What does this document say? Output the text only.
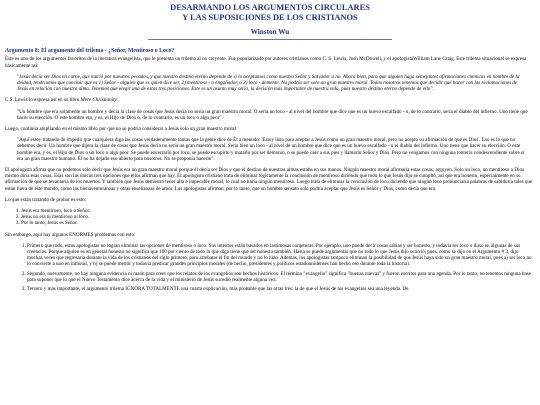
DESARMANDO LOS ARGUMENTOS CIRCULARES
Y LAS SUPOSICIONES DE LOS CRISTIANOS
Winston Wu
Argumento 8: El argumento del trilema - ¿Señor, Mentiroso o Loco?

Éste es uno de los argumentos favoritos de la literatura evangelista, que le presenta un trilema al no creyente. Fue popularizado por autores cristianos como C. S. Lewis, Josh McDowell, y el apologistaWilliam Lane Craig. Este trilema situacional se expresa básicamente así:

"Jesús decía ser Dios en carne, que murió por nuestros pecados, y que nuestro destino eterno depende de si lo aceptamos como nuestro Señor y Salvador o no. Ahora bien, para que alguien haga semejantes afirmaciones címnicas en nombre de la deidad, tendríamos que concluir que es 1) Señor - alguien que es quien dice ser, 2) mentiroso - o engañador, o 3) loco - demente. No podría ser solo un gran maestro moral. Todos nosotros tenemos que decidir qué hacer con las reclamaciones de Jesús en relación con nuestra alma. Tenemos que elegir una de estas tres posiciones. Este es un asunto muy serio, la decisión más importante de nuestra vida, pues nuestro destino eterno depende de ello".

C.S. Lewis lo expresa así en su libro Mere Christianity:

"Un hombre que era solamente un hombre y decía la clase de cosas que Jesús decía no sería un gran maestro moral. O sería un loco - al nivel del hombre que dice que es un huevo escalfado - o, de lo contrario, sería el diablo del infierno. Uno tiene que hacer su elección. O este hombre era, y es, el Hijo de Dios o, de lo contrario, es un loco o algo peor".

Luego, continúa ampliando en el mismo libro por qué no se podría considerar a Jesús solo un gran maestro moral.

"Aquí estoy tratando de impedir que cualquiera diga las cosas verdaderamente tontas que la gente dice de Él a menudo: 'Estoy listo para aceptar a Jesús como un gran maestro moral, pero no acepto su afirmación de que es Dios'. Eso es lo que no debemos decir. Un hombre que dijera la clase de cosas que Jesús decía no sería un gran maestro moral. Sería bien un loco - al nivel de un hombre que dice que es un huevo escalfado - o el diablo del infierno. Uno tiene que hacer su elección. O este hombre era, y es, el Hijo de Dios o un loco o algo peor. Se puede encerrarlo por loco, se puede escupirlo y matarlo por ser demonio, o se puede caer a sus pies y llamarlo Señor y Dios. Pero no vengamos con ninguna tontería condescendiente sobre si era un gran maestro humano. Él no ha dejado eso abierto para nosotros. No se proponía hacerlo".

El apologista afirma que no podemos solo decir que Jesús era un gran maestro moral porque él decía ser Dios y que el destino de nuestras almas estaba en sus manos. Ningún maestro moral afirmaría estas cosas, arguyen. Solo un loco, un mentiroso o Dios mismo diría esas cosas. Esas son las únicas tres opciones que ellos afirman que hay. El apologista cristiano trata de eliminar lógicamente la conclusión de mentiroso diciendo que todo lo que Jesús dijo se cumplió, así que era honesto, especialmente en su afirmación de que se levantaría de los muertos. Y también que Jesús demostró tener alta e impecable moral, lo cual no haría ningún mentiroso. Luego trata de eliminar la conclusión de loco diciendo que ningún loco pronunciaría palabras de sabiduría tales que están fuera de este mundo, como las bienaventuranzas y otras enseñanzas de amor. Los apologistas afirman, por lo tanto, que un hombre sensato solo podría aceptar que Jesús es Señor y Dios, como decía que era.

Lo que están tratando de probar es esto:

1. Jesús era mentiroso, loco o Señor.
2. Jesús no era ni mentiroso ni loco.
3. Por lo tanto, Jesús es Señor.

Sin embargo, aquí hay algunos ENORMES problemas con esto:

1. Primero que todo, estos apologistas no logran eliminar las opciones de mentiroso o loco. Sus intentos están basados en lastimosas conjeturas. Por ejemplo, uno puede decir cosas sabias y ser honesto, y todavía ser loco o iluso en algunas de sus creencias. Porque alguien es en general honesto no significa que 100 por ciento de todo lo que diga tiene que ser honesto también. Hasta se puede argumentar que no todo lo que Jesús dijo ocurrió, pues, como se dijo en el Argumento # 3, dijo muchas veces que regresaría durante la vida de los cristianos del siglo primero, para arrebatar el fin del mundo y no lo hizo. Además, los apologistas tampoco eliminan la posibilidad de que Jesús haya sido un gran maestro moral, pues a) ser loco no lo convierte a uno en inmoral, y b) se puede mentir y todavía predicar grandes principios morales (de hecho, presidentes y políticos estadounidenses han hecho eso durante toda la historia).
2. Segundo, nuevamente, no hay ninguna evidencia ni razón para creer que los relatos de los evangelios son hechos históricos. El término "evangelio" significa "buenas nuevas" y fueron escritos para una agenda. Por lo tanto, no tenemos ninguna base para suponer que lo que el Nuevo Testamento dice acerca de la vida y el ministerio de Jesús sucedió realmente alguna vez.
3. Tercero y más importante, el argumento trilema IGNORA TOTALMENTE una cuarta explicación, más probable que las otras tres: la de que el Jesús de los evangelios sea una leyenda. De
